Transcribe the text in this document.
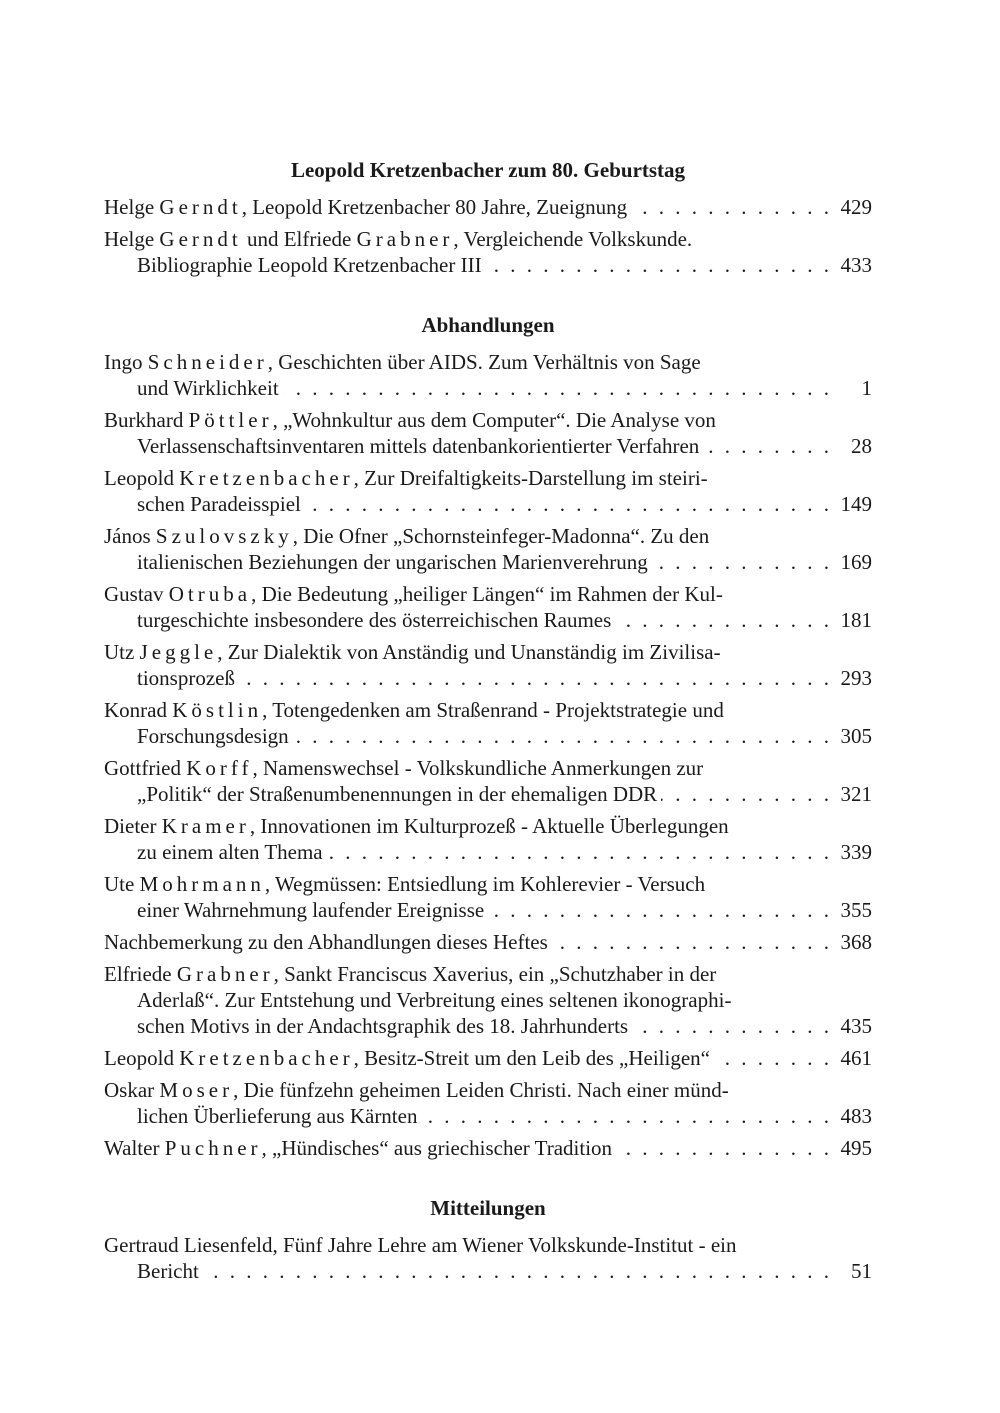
Leopold Kretzenbacher zum 80. Geburtstag
Helge Gerndt, Leopold Kretzenbacher 80 Jahre, Zueignung . . .	429
Helge Gerndt und Elfriede Grabner, Vergleichende Volkskunde.
Bibliographie Leopold Kretzenbacher III . . .	433
Abhandlungen
Ingo Schneider, Geschichten über AIDS. Zum Verhältnis von Sage
und Wirklichkeit . . .	1
Burkhard Pöttler, „Wohnkultur aus dem Computer“. Die Analyse von
Verlassenschaftsinventaren mittels datenbankorientierter Verfahren . . .	28
Leopold Kretzenbacher, Zur Dreifaltigkeits-Darstellung im steiri-
schen Paradeisspiel . . .	149
János Szulovszky, Die Ofner „Schornsteinfeger-Madonna“. Zu den
italienischen Beziehungen der ungarischen Marienverehrung . . .	169
Gustav Otruba, Die Bedeutung „heiliger Längen“ im Rahmen der Kul-
turgeschichte insbesondere des österreichischen Raumes . . .	181
Utz Jeggle, Zur Dialektik von Anständig und Unanständig im Zivilisa-
tionsprozeß . . .	293
Konrad Köstlin, Totengedenken am Straßenrand - Projektstrategie und
Forschungsdesign . . .	305
Gottfried Korff, Namenswechsel - Volkskundliche Anmerkungen zur
„Politik“ der Straßenumbenennungen in der ehemaligen DDR . . .	321
Dieter Kramer, Innovationen im Kulturprozeß - Aktuelle Überlegungen
zu einem alten Thema . . .	339
Ute Mohrmann, Wegmüssen: Entsiedlung im Kohlerevier - Versuch
einer Wahrnehmung laufender Ereignisse . . .	355
Nachbemerkung zu den Abhandlungen dieses Heftes . . .	368
Elfriede Grabner, Sankt Franciscus Xaverius, ein „Schutzhaber in der
Aderlaß“. Zur Entstehung und Verbreitung eines seltenen ikonographi-
schen Motivs in der Andachtsgraphik des 18. Jahrhunderts . . .	435
Leopold Kretzenbacher, Besitz-Streit um den Leib des „Heiligen“ . . .	461
Oskar Moser, Die fünfzehn geheimen Leiden Christi. Nach einer münd-
lichen Überlieferung aus Kärnten . . .	483
Walter Puchner, „Hündisches“ aus griechischer Tradition . . .	495
Mitteilungen
Gertraud Liesenfeld, Fünf Jahre Lehre am Wiener Volkskunde-Institut - ein
Bericht . . .	51
